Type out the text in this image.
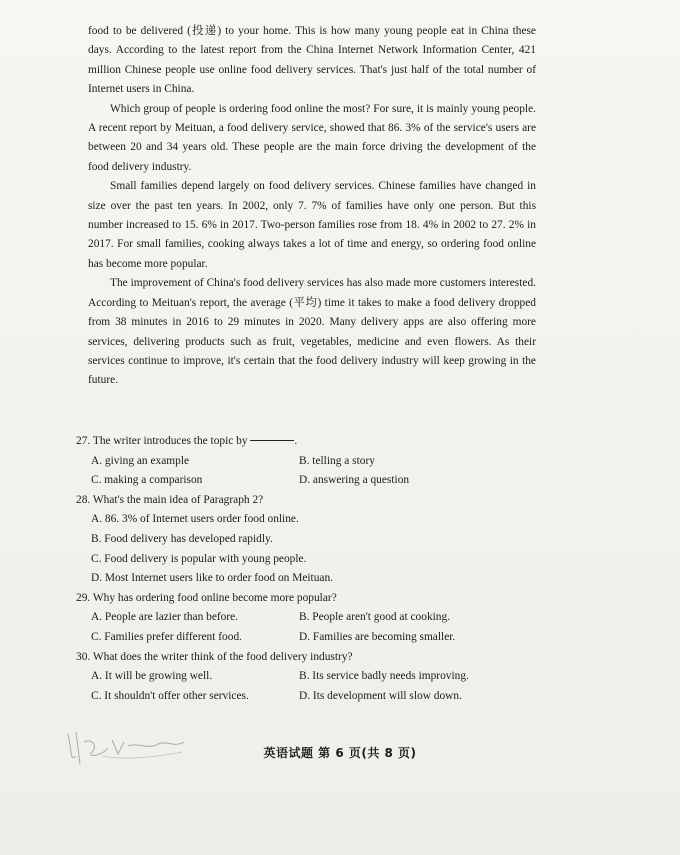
food to be delivered (投递) to your home. This is how many young people eat in China these days. According to the latest report from the China Internet Network Information Center, 421 million Chinese people use online food delivery services. That's just half of the total number of Internet users in China.

Which group of people is ordering food online the most? For sure, it is mainly young people. A recent report by Meituan, a food delivery service, showed that 86. 3% of the service's users are between 20 and 34 years old. These people are the main force driving the development of the food delivery industry.

Small families depend largely on food delivery services. Chinese families have changed in size over the past ten years. In 2002, only 7. 7% of families have only one person. But this number increased to 15. 6% in 2017. Two-person families rose from 18. 4% in 2002 to 27. 2% in 2017. For small families, cooking always takes a lot of time and energy, so ordering food online has become more popular.

The improvement of China's food delivery services has also made more customers interested. According to Meituan's report, the average (平均) time it takes to make a food delivery dropped from 38 minutes in 2016 to 29 minutes in 2020. Many delivery apps are also offering more services, delivering products such as fruit, vegetables, medicine and even flowers. As their services continue to improve, it's certain that the food delivery industry will keep growing in the future.

27. The writer introduces the topic by	.

A. giving an example	B. telling a story
C. making a comparison	D. answering a question

28. What's the main idea of Paragraph 2?

A. 86. 3% of Internet users order food online.
B. Food delivery has developed rapidly.
C. Food delivery is popular with young people.
D. Most Internet users like to order food on Meituan.

29. Why has ordering food online become more popular?

A. People are lazier than before.	B. People aren't good at cooking.
C. Families prefer different food.	D. Families are becoming smaller.

30. What does the writer think of the food delivery industry?

A. It will be growing well.	B. Its service badly needs improving.
C. It shouldn't offer other services.	D. Its development will slow down.
英语试题 第 6 页(共 8 页)
